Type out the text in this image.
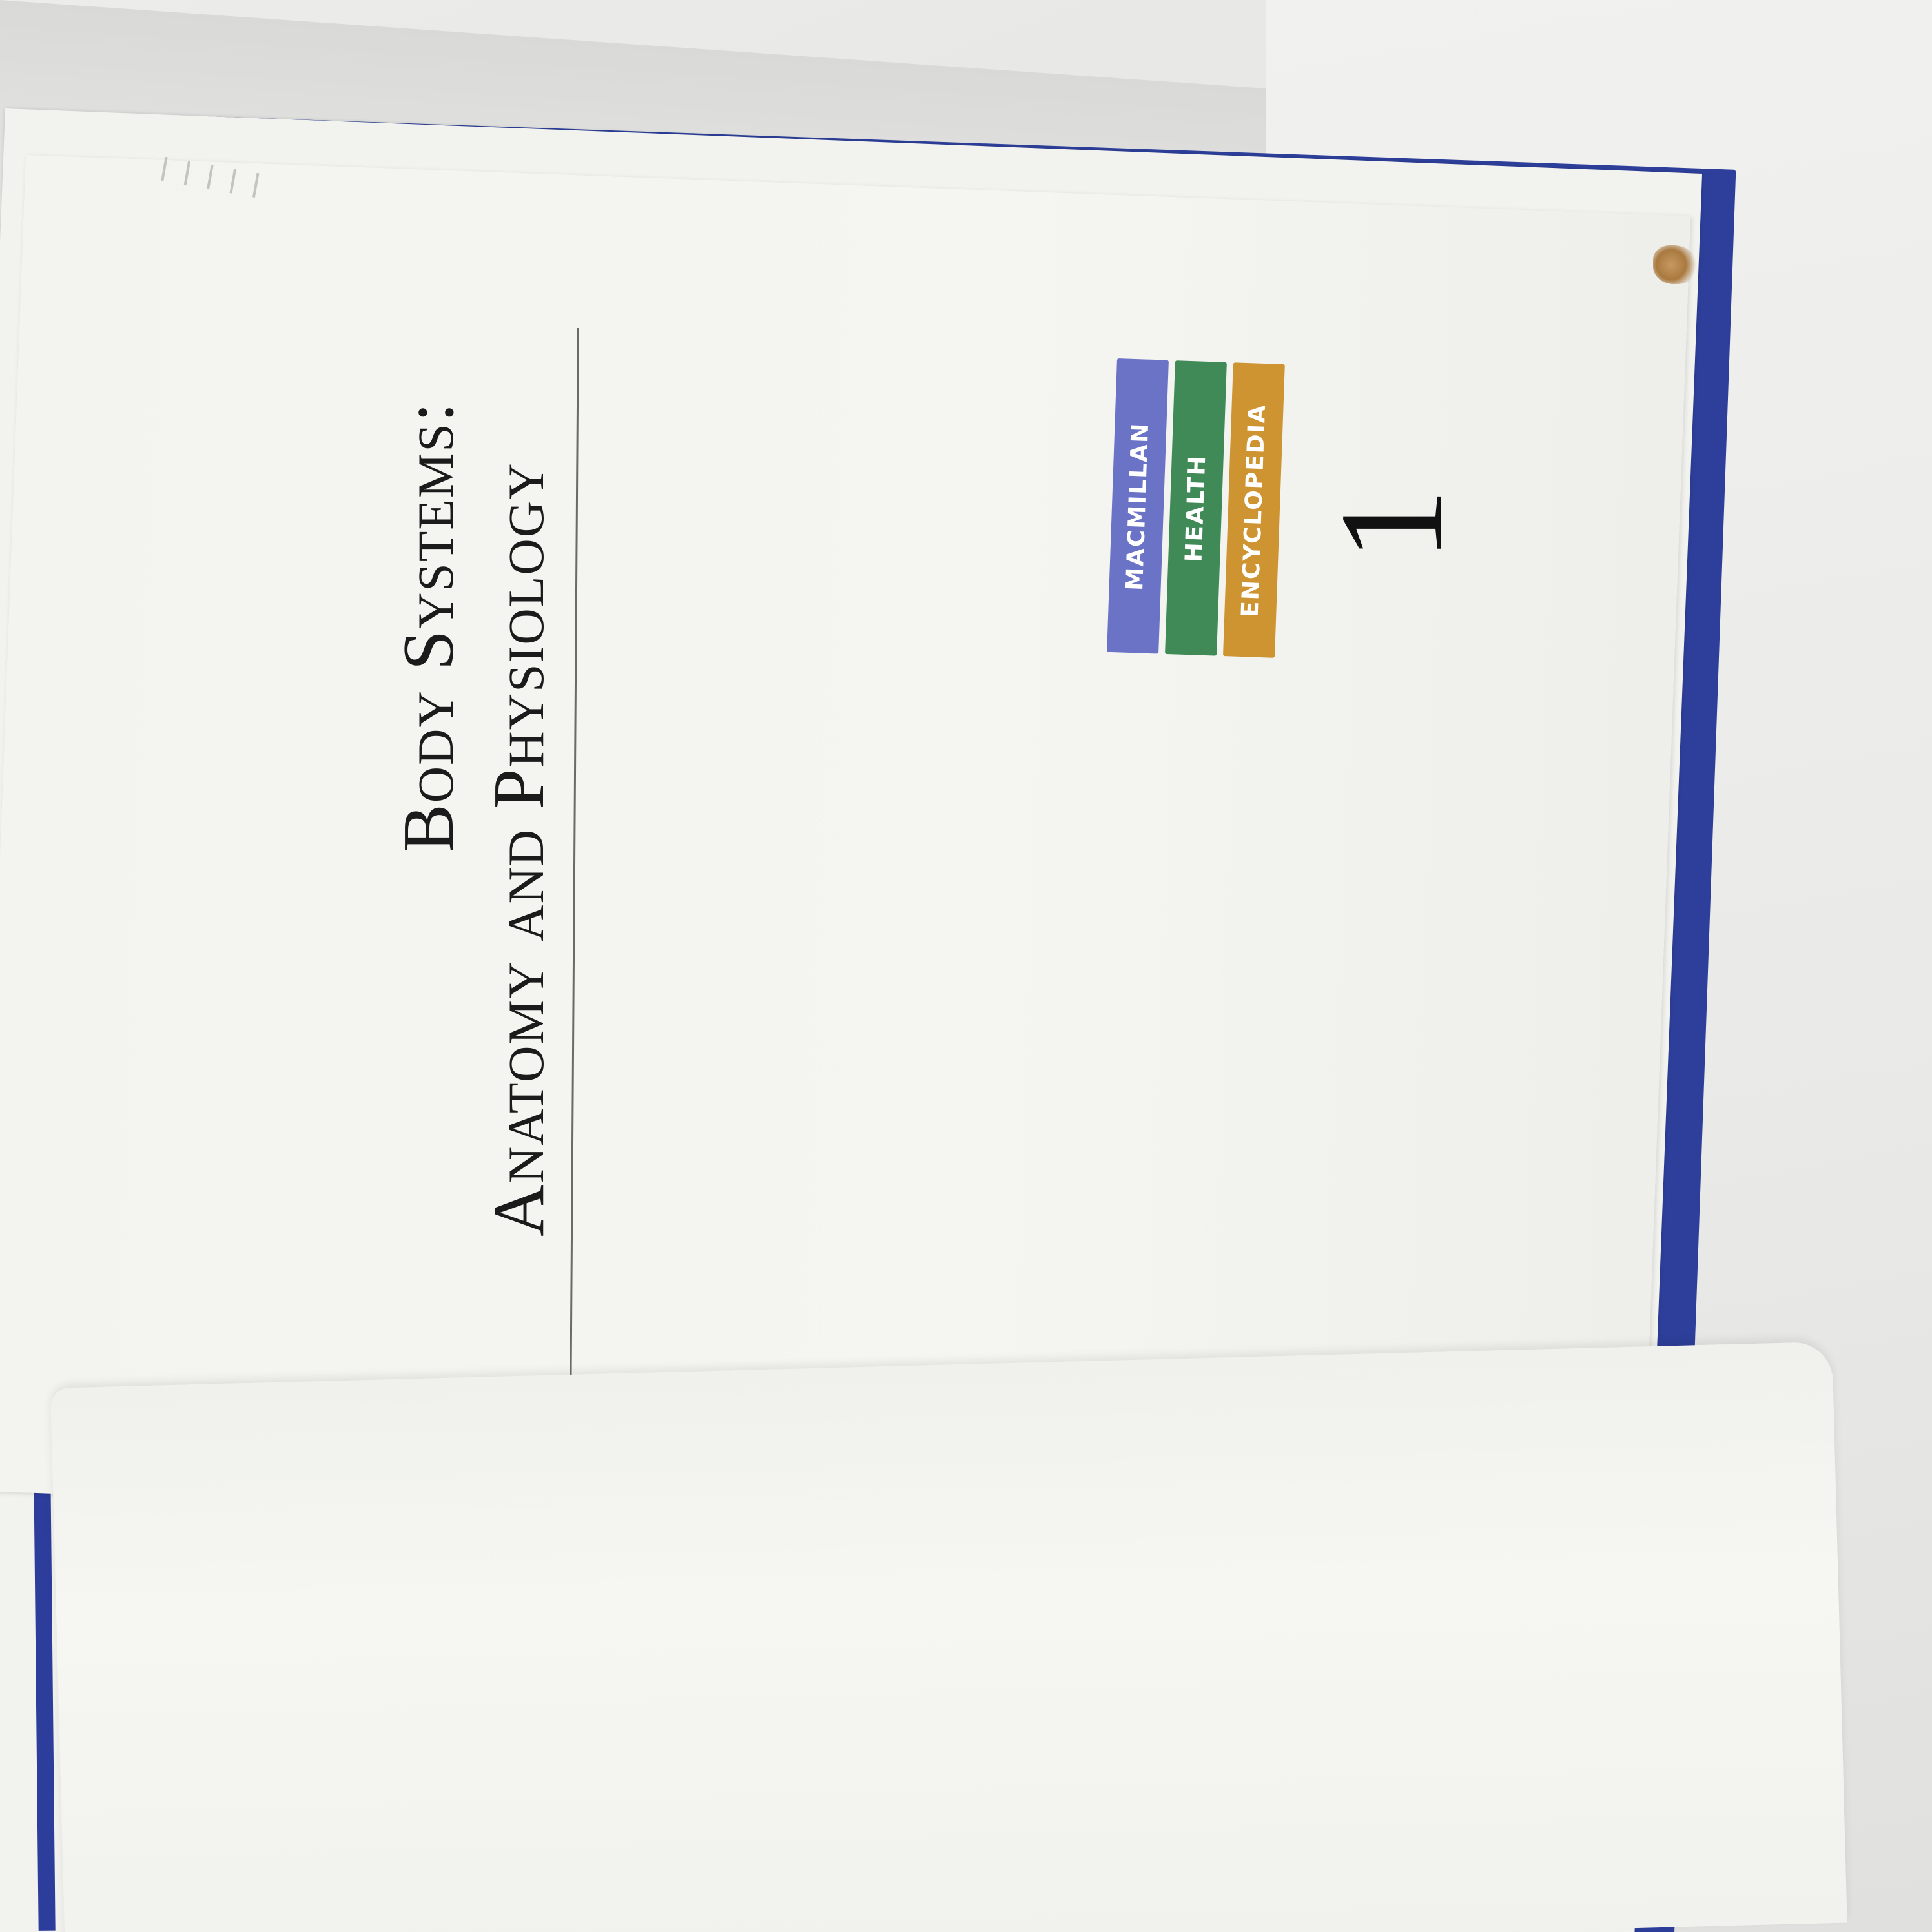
Body Systems: Anatomy and Physiology	MACMILLAN HEALTH ENCYCLOPEDIA 1
